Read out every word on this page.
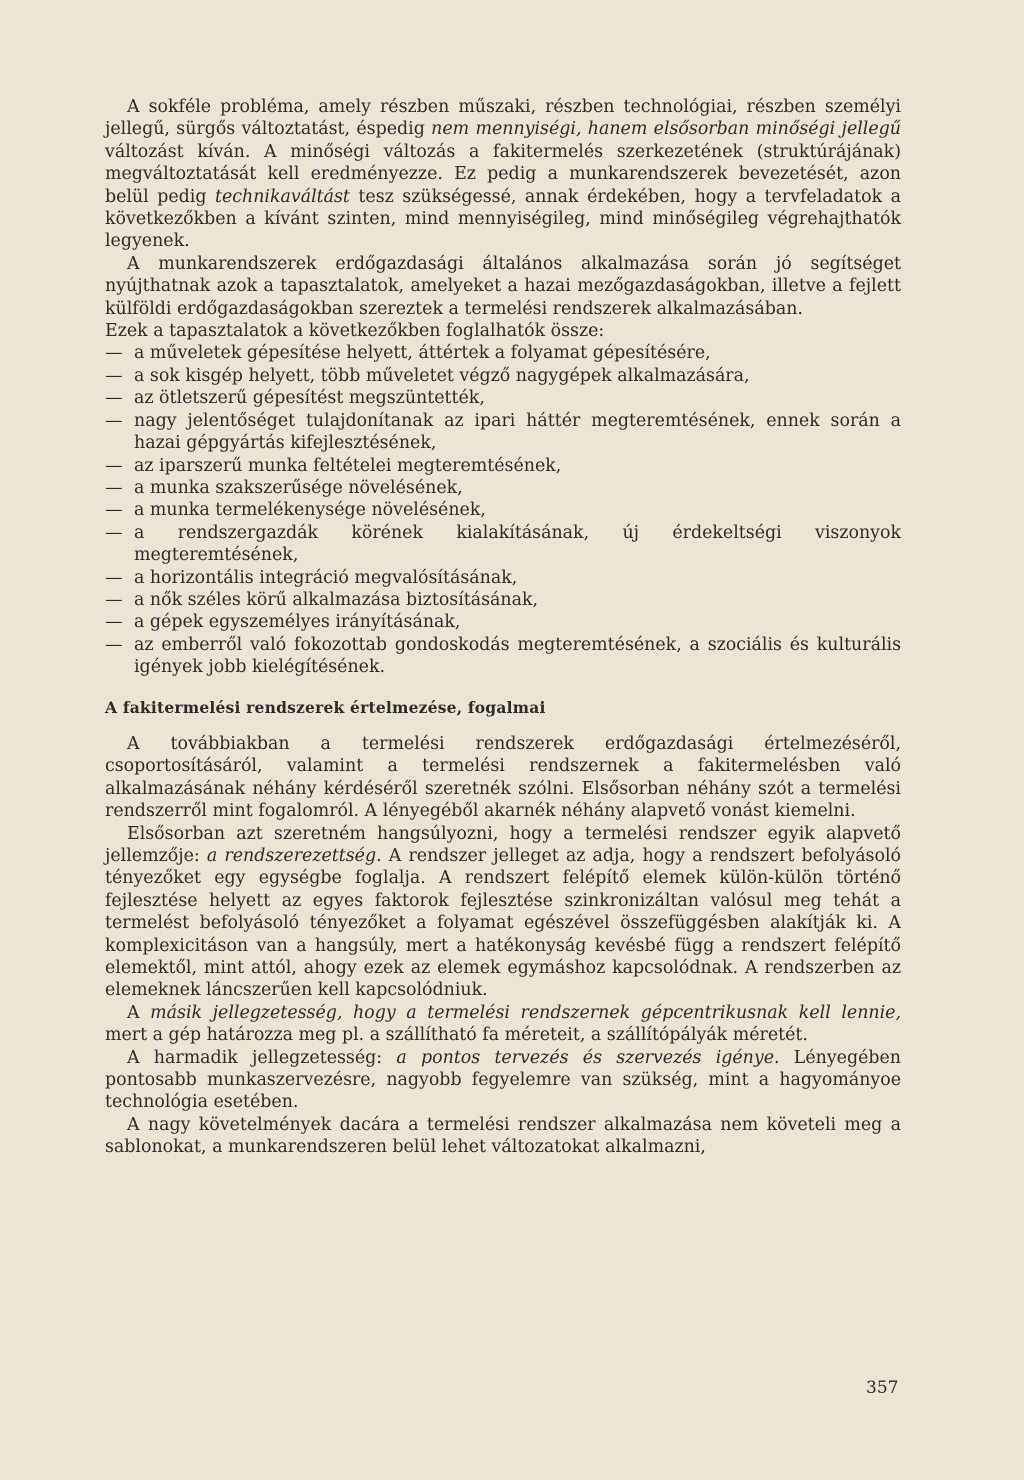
A sokféle probléma, amely részben műszaki, részben technológiai, részben személyi jellegű, sürgős változtatást, éspedig nem mennyiségi, hanem elsősorban minőségi jellegű változást kíván. A minőségi változás a fakitermelés szerkezetének (struktúrájának) megváltoztatását kell eredményezze. Ez pedig a munkarendszerek bevezetését, azon belül pedig technikaváltást tesz szükségessé, annak érdekében, hogy a tervfeladatok a következőkben a kívánt szinten, mind mennyiségileg, mind minőségileg végrehajthatók legyenek.

A munkarendszerek erdőgazdasági általános alkalmazása során jó segítséget nyújthatnak azok a tapasztalatok, amelyeket a hazai mezőgazdaságokban, illetve a fejlett külföldi erdőgazdaságokban szereztek a termelési rendszerek alkalmazásában.

Ezek a tapasztalatok a következőkben foglalhatók össze:

— a műveletek gépesítése helyett, áttértek a folyamat gépesítésére,
— a sok kisgép helyett, több műveletet végző nagygépek alkalmazására,
— az ötletszerű gépesítést megszüntették,
— nagy jelentőséget tulajdonítanak az ipari háttér megteremtésének, ennek során a hazai gépgyártás kifejlesztésének,
— az iparszerű munka feltételei megteremtésének,
— a munka szakszerűsége növelésének,
— a munka termelékenysége növelésének,
— a rendszergazdák körének kialakításának, új érdekeltségi viszonyok megteremtésének,
— a horizontális integráció megvalósításának,
— a nők széles körű alkalmazása biztosításának,
— a gépek egyszemélyes irányításának,
— az emberről való fokozottab gondoskodás megteremtésének, a szociális és kulturális igények jobb kielégítésének.
A fakitermelési rendszerek értelmezése, fogalmai

A továbbiakban a termelési rendszerek erdőgazdasági értelmezéséről, csoportosításáról, valamint a termelési rendszernek a fakitermelésben való alkalmazásának néhány kérdéséről szeretnék szólni. Elsősorban néhány szót a termelési rendszerről mint fogalomról. A lényegéből akarnék néhány alapvető vonást kiemelni.

Elsősorban azt szeretném hangsúlyozni, hogy a termelési rendszer egyik alapvető jellemzője: a rendszerezettség. A rendszer jelleget az adja, hogy a rendszert befolyásoló tényezőket egy egységbe foglalja. A rendszert felépítő elemek külön-külön történő fejlesztése helyett az egyes faktorok fejlesztése szinkronizáltan valósul meg tehát a termelést befolyásoló tényezőket a folyamat egészével összefüggésben alakítják ki. A komplexicitáson van a hangsúly, mert a hatékonyság kevésbé függ a rendszert felépítő elemektől, mint attól, ahogy ezek az elemek egymáshoz kapcsolódnak. A rendszerben az elemeknek láncszerűen kell kapcsolódniuk.

A másik jellegzetesség, hogy a termelési rendszernek gépcentrikusnak kell lennie, mert a gép határozza meg pl. a szállítható fa méreteit, a szállítópályák méretét.

A harmadik jellegzetesség: a pontos tervezés és szervezés igénye. Lényegében pontosabb munkaszervezésre, nagyobb fegyelemre van szükség, mint a hagyományoe technológia esetében.

A nagy követelmények dacára a termelési rendszer alkalmazása nem követeli meg a sablonokat, a munkarendszeren belül lehet változatokat alkalmazni,

357
